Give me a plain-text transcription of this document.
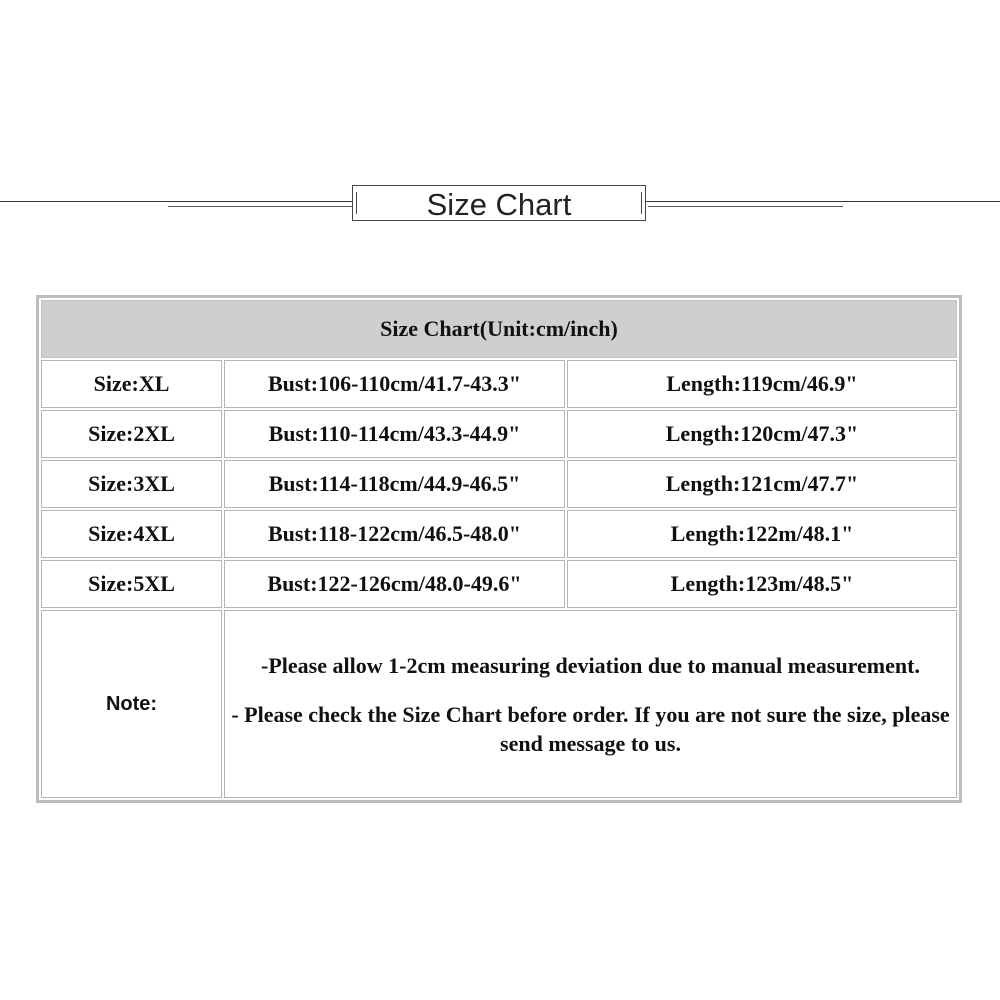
Size Chart
Size Chart(Unit:cm/inch)		
Size:XL	Bust:106-110cm/41.7-43.3"	Length:119cm/46.9"
Size:2XL	Bust:110-114cm/43.3-44.9"	Length:120cm/47.3"
Size:3XL	Bust:114-118cm/44.9-46.5"	Length:121cm/47.7"
Size:4XL	Bust:118-122cm/46.5-48.0"	Length:122m/48.1"
Size:5XL	Bust:122-126cm/48.0-49.6"	Length:123m/48.5"
Note:	-Please allow 1-2cm measuring deviation due to manual measurement.
- Please check the Size Chart before order. If you are not sure the size, please send message to us.	
